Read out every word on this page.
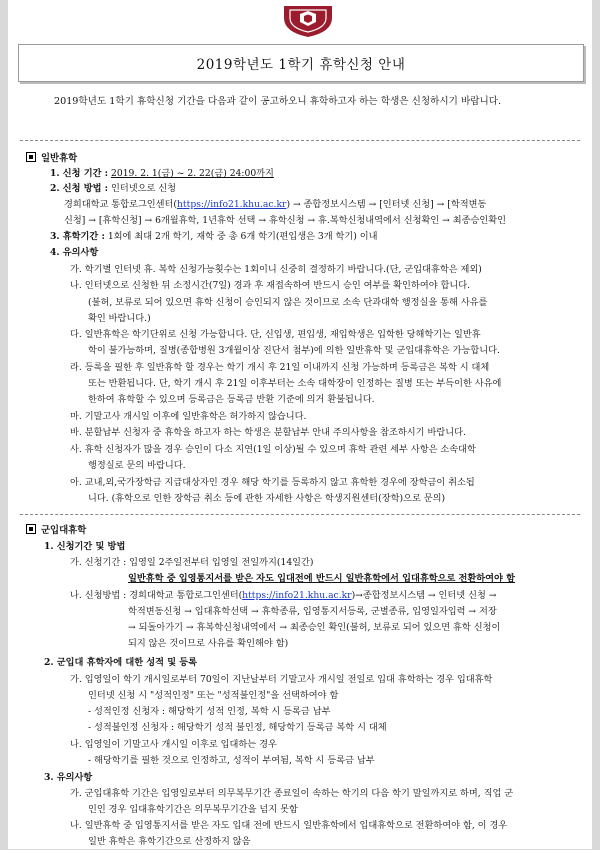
2019학년도 1학기 휴학신청 안내
2019학년도 1학기 휴학신청 기간을 다음과 같이 공고하오니 휴학하고자 하는 학생은 신청하시기 바랍니다.
일반휴학
1. 신청 기간 : 2019. 2. 1(금) ~ 2. 22(금) 24:00까지
2. 신청 방법 : 인터넷으로 신청
경희대학교 통합로그인센터(https://info21.khu.ac.kr) → 종합정보시스템 → [인터넷 신청] → [학적변동
신청] → [휴학신청] → 6개월휴학, 1년휴학 선택 → 휴학신청 → 휴.복학신청내역에서 신청확인 → 최종승인확인
3. 휴학기간 : 1회에 최대 2개 학기, 재학 중 총 6개 학기(편입생은 3개 학기) 이내
4. 유의사항
가. 학기별 인터넷 휴. 복학 신청가능횟수는 1회이니 신중히 결정하기 바랍니다.(단, 군입대휴학은 제외)
나. 인터넷으로 신청한 뒤 소정시간(7일) 경과 후 재접속하여 반드시 승인 여부를 확인하여야 합니다.
(불허, 보류로 되어 있으면 휴학 신청이 승인되지 않은 것이므로 소속 단과대학 행정실을 통해 사유를
확인 바랍니다.)
다. 일반휴학은 학기단위로 신청 가능합니다. 단, 신입생, 편입생, 재입학생은 입학한 당해학기는 일반휴
학이 불가능하며, 질병(종합병원 3개월이상 진단서 첨부)에 의한 일반휴학 및 군입대휴학은 가능합니다.
라. 등록을 필한 후 일반휴학 할 경우는 학기 개시 후 21일 이내까지 신청 가능하며 등록금은 복학 시 대체
또는 반환됩니다. 단, 학기 개시 후 21일 이후부터는 소속 대학장이 인정하는 질병 또는 부득이한 사유에
한하여 휴학할 수 있으며 등록금은 등록금 반환 기준에 의거 환불됩니다.
마. 기말고사 개시일 이후에 일반휴학은 허가하지 않습니다.
바. 분할납부 신청자 중 휴학을 하고자 하는 학생은 분할납부 안내 주의사항을 참조하시기 바랍니다.
사. 휴학 신청자가 많을 경우 승인이 다소 지연(1일 이상)될 수 있으며 휴학 관련 세부 사항은 소속대학
행정실로 문의 바랍니다.
아. 교내,외,국가장학금 지급대상자인 경우 해당 학기를 등록하지 않고 휴학한 경우에 장학금이 취소됩
니다. (휴학으로 인한 장학금 취소 등에 관한 자세한 사항은 학생지원센터(장학)으로 문의)
군입대휴학
1. 신청기간 및 방법
가. 신청기간 : 입영일 2주일전부터 입영일 전일까지(14일간)
일반휴학 중 입영통지서를 받은 자도 입대전에 반드시 일반휴학에서 입대휴학으로 전환하여야 함
나. 신청방법 : 경희대학교 통합로그인센터(https://info21.khu.ac.kr)→종합정보시스템 → 인터넷 신청 →
학적변동신청 → 입대휴학선택 → 휴학종류, 입영통지서등록, 군별종류, 입영일자입력 → 저장
→ 되돌아가기 → 휴복학신청내역에서 → 최종승인 확인(불허, 보류로 되어 있으면 휴학 신청이
되지 않은 것이므로 사유를 확인해야 함)
2. 군입대 휴학자에 대한 성적 및 등록
가. 입영일이 학기 개시일로부터 70일이 지난날부터 기말고사 개시일 전일로 입대 휴학하는 경우 입대휴학
인터넷 신청 시 "성적인정" 또는 "성적불인정"을 선택하여야 함
- 성적인정 신청자 : 해당학기 성적 인정, 복학 시 등록금 납부
- 성적불인정 신청자 : 해당학기 성적 불인정, 해당학기 등록금 복학 시 대체
나. 입영일이 기말고사 개시일 이후로 입대하는 경우
- 해당학기를 필한 것으로 인정하고, 성적이 부여됨, 복학 시 등록금 납부
3. 유의사항
가. 군입대휴학 기간은 입영일로부터 의무복무기간 종료일이 속하는 학기의 다음 학기 말일까지로 하며, 직업 군
인인 경우 입대휴학기간은 의무복무기간을 넘지 못함
나. 일반휴학 중 입영통지서를 받은 자도 입대 전에 반드시 일반휴학에서 입대휴학으로 전환하여야 함, 이 경우
일반 휴학은 휴학기간으로 산정하지 않음
